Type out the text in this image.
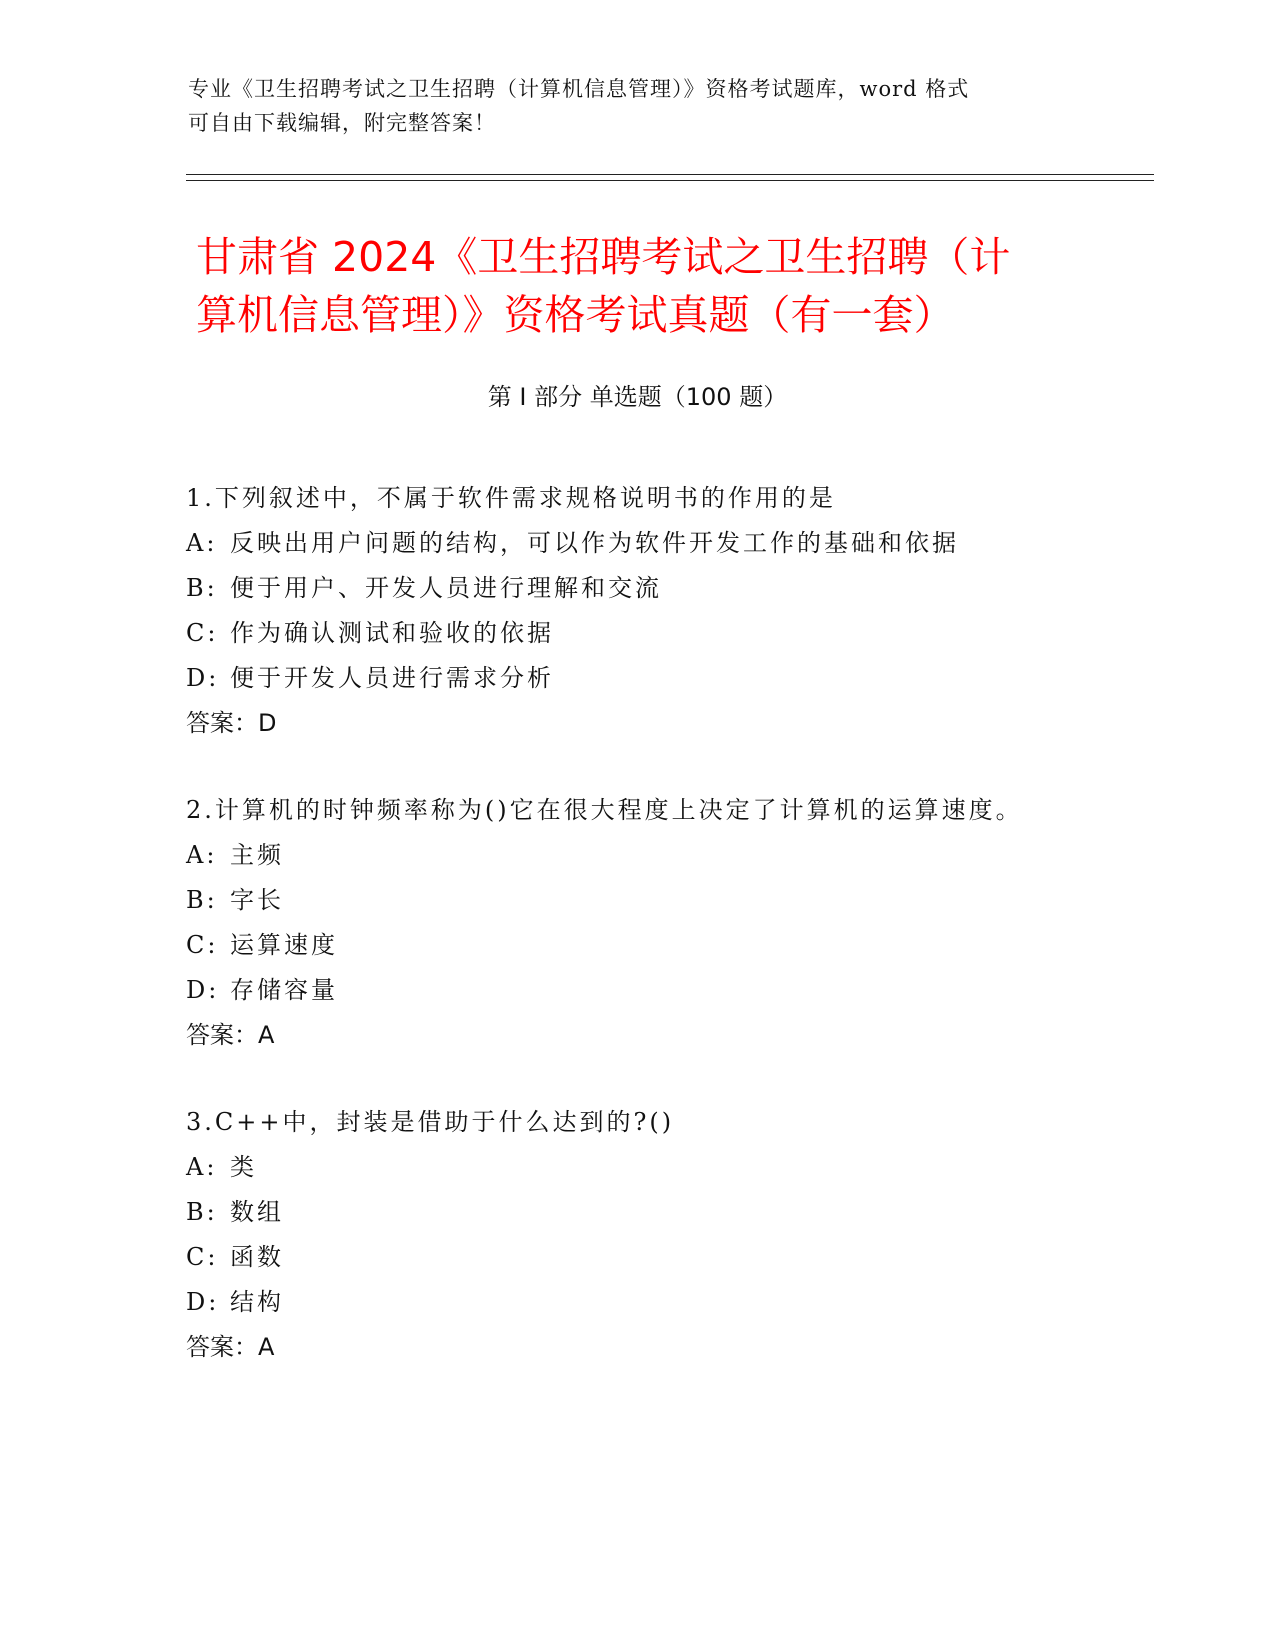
专业《卫生招聘考试之卫生招聘（计算机信息管理）》资格考试题库，word 格式
可自由下载编辑，附完整答案！
甘肃省 2024《卫生招聘考试之卫生招聘（计
算机信息管理）》资格考试真题（有一套）
第 I 部分 单选题（100 题）
1.下列叙述中，不属于软件需求规格说明书的作用的是
A: 反映出用户问题的结构，可以作为软件开发工作的基础和依据
B: 便于用户、开发人员进行理解和交流
C: 作为确认测试和验收的依据
D: 便于开发人员进行需求分析
答案：D
2.计算机的时钟频率称为()它在很大程度上决定了计算机的运算速度。
A: 主频
B: 字长
C: 运算速度
D: 存储容量
答案：A
3.C++中，封装是借助于什么达到的?()
A: 类
B: 数组
C: 函数
D: 结构
答案：A
